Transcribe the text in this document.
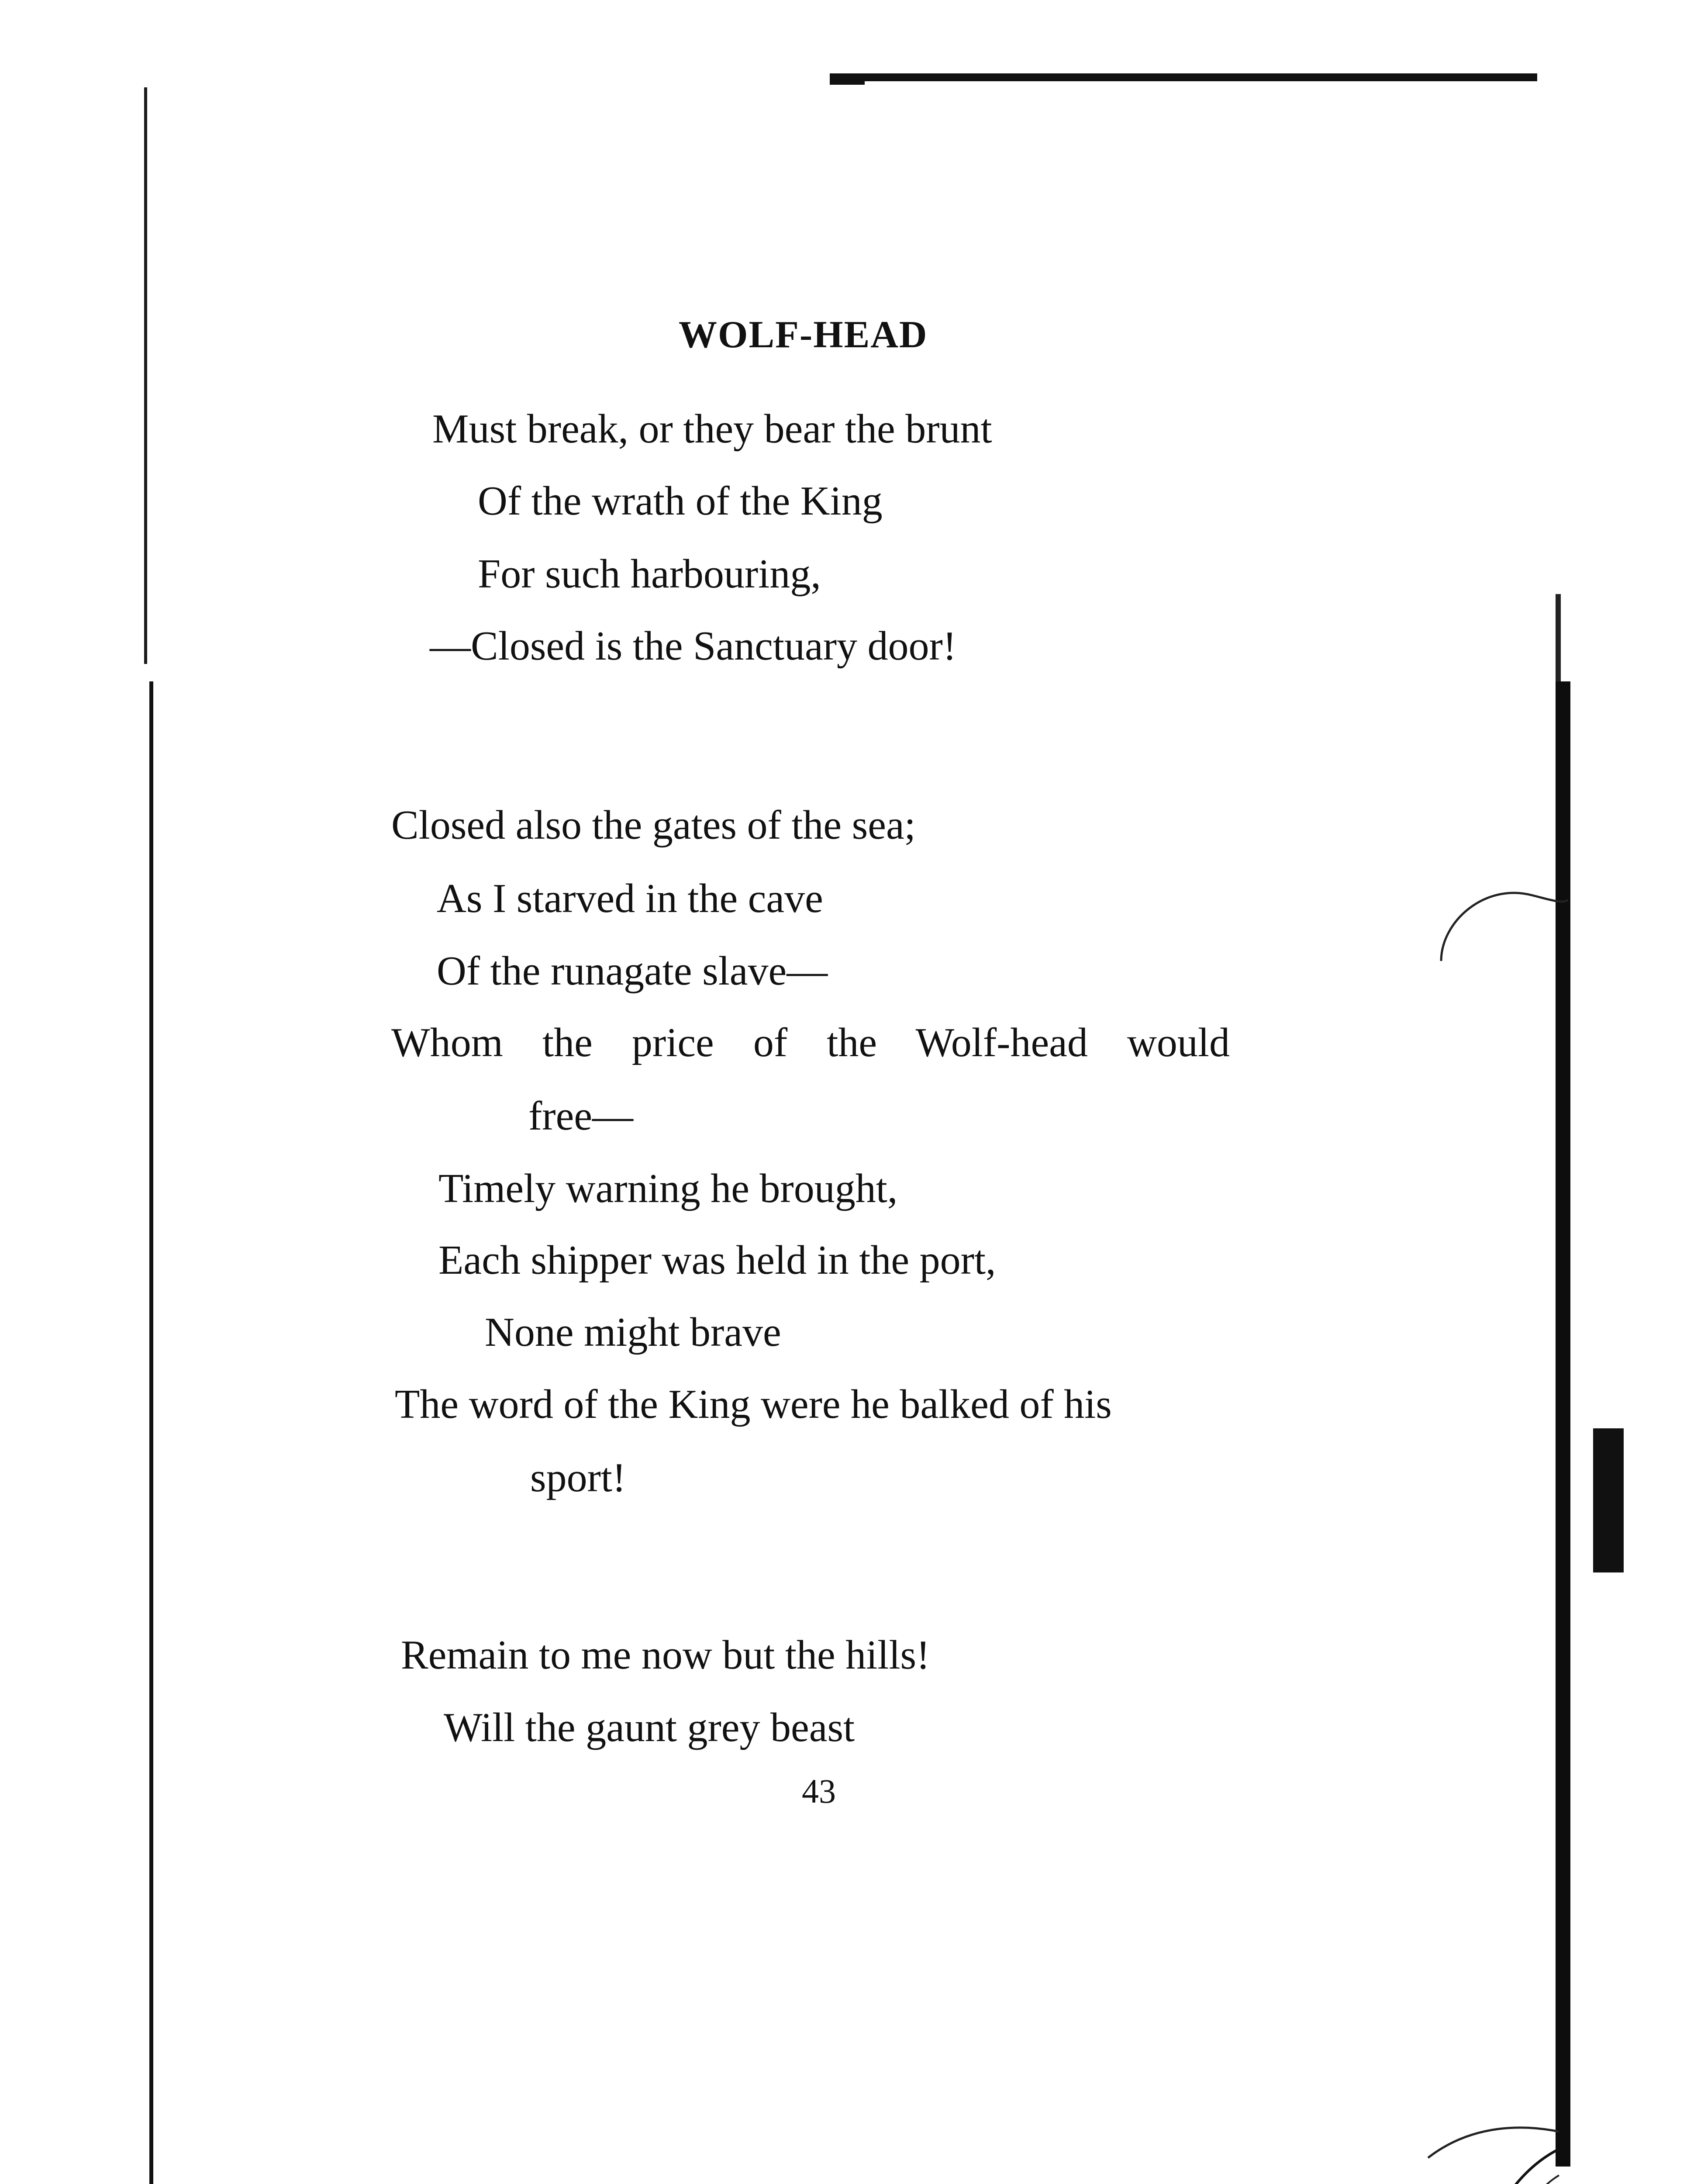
WOLF-HEAD
Must break, or they bear the brunt
Of the wrath of the King
For such harbouring,
—Closed is the Sanctuary door!
Closed also the gates of the sea;
As I starved in the cave
Of the runagate slave—
Whom the price of the Wolf-head would
free—
Timely warning he brought,
Each shipper was held in the port,
None might brave
The word of the King were he balked of his
sport!
Remain to me now but the hills!
Will the gaunt grey beast
43
